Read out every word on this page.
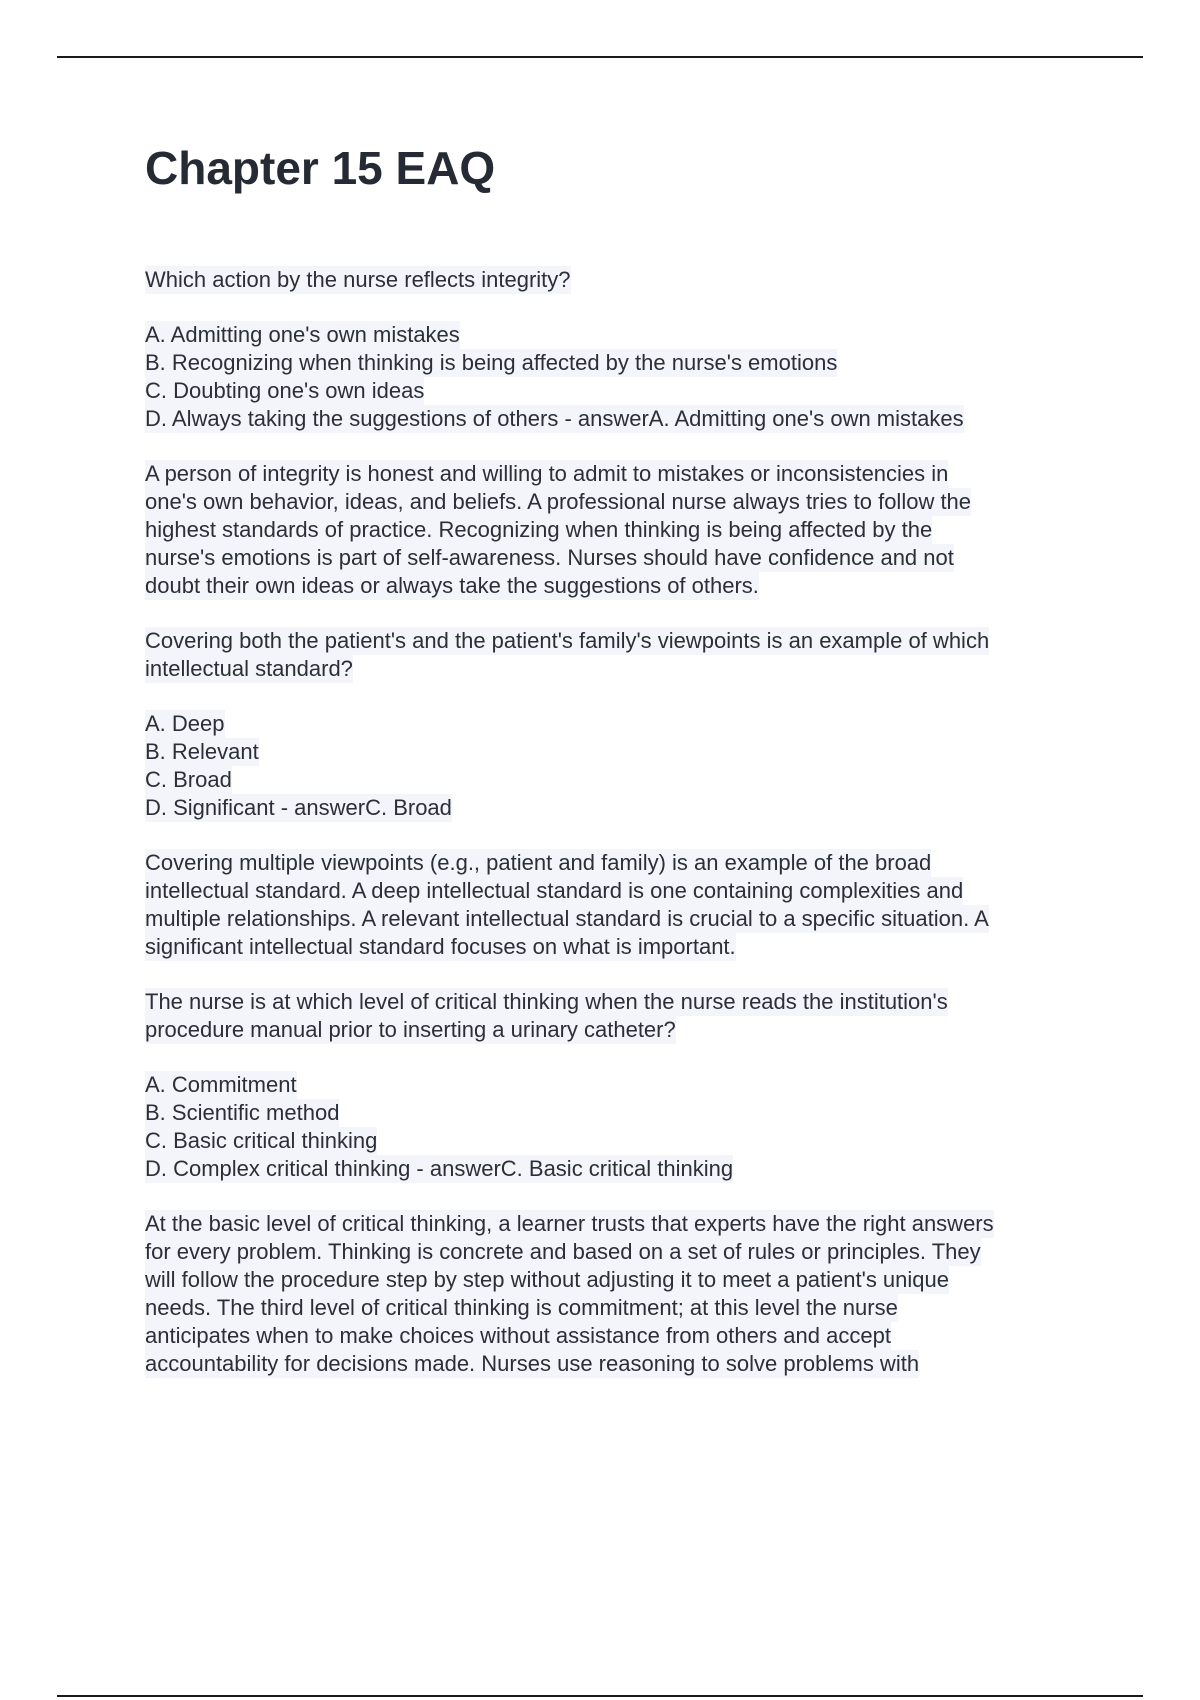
Chapter 15 EAQ
Which action by the nurse reflects integrity?
A. Admitting one's own mistakes
B. Recognizing when thinking is being affected by the nurse's emotions
C. Doubting one's own ideas
D. Always taking the suggestions of others - answerA. Admitting one's own mistakes
A person of integrity is honest and willing to admit to mistakes or inconsistencies in
one's own behavior, ideas, and beliefs. A professional nurse always tries to follow the
highest standards of practice. Recognizing when thinking is being affected by the
nurse's emotions is part of self-awareness. Nurses should have confidence and not
doubt their own ideas or always take the suggestions of others.
Covering both the patient's and the patient's family's viewpoints is an example of which
intellectual standard?
A. Deep
B. Relevant
C. Broad
D. Significant - answerC. Broad
Covering multiple viewpoints (e.g., patient and family) is an example of the broad
intellectual standard. A deep intellectual standard is one containing complexities and
multiple relationships. A relevant intellectual standard is crucial to a specific situation. A
significant intellectual standard focuses on what is important.
The nurse is at which level of critical thinking when the nurse reads the institution's
procedure manual prior to inserting a urinary catheter?
A. Commitment
B. Scientific method
C. Basic critical thinking
D. Complex critical thinking - answerC. Basic critical thinking
At the basic level of critical thinking, a learner trusts that experts have the right answers
for every problem. Thinking is concrete and based on a set of rules or principles. They
will follow the procedure step by step without adjusting it to meet a patient's unique
needs. The third level of critical thinking is commitment; at this level the nurse
anticipates when to make choices without assistance from others and accept
accountability for decisions made. Nurses use reasoning to solve problems with
